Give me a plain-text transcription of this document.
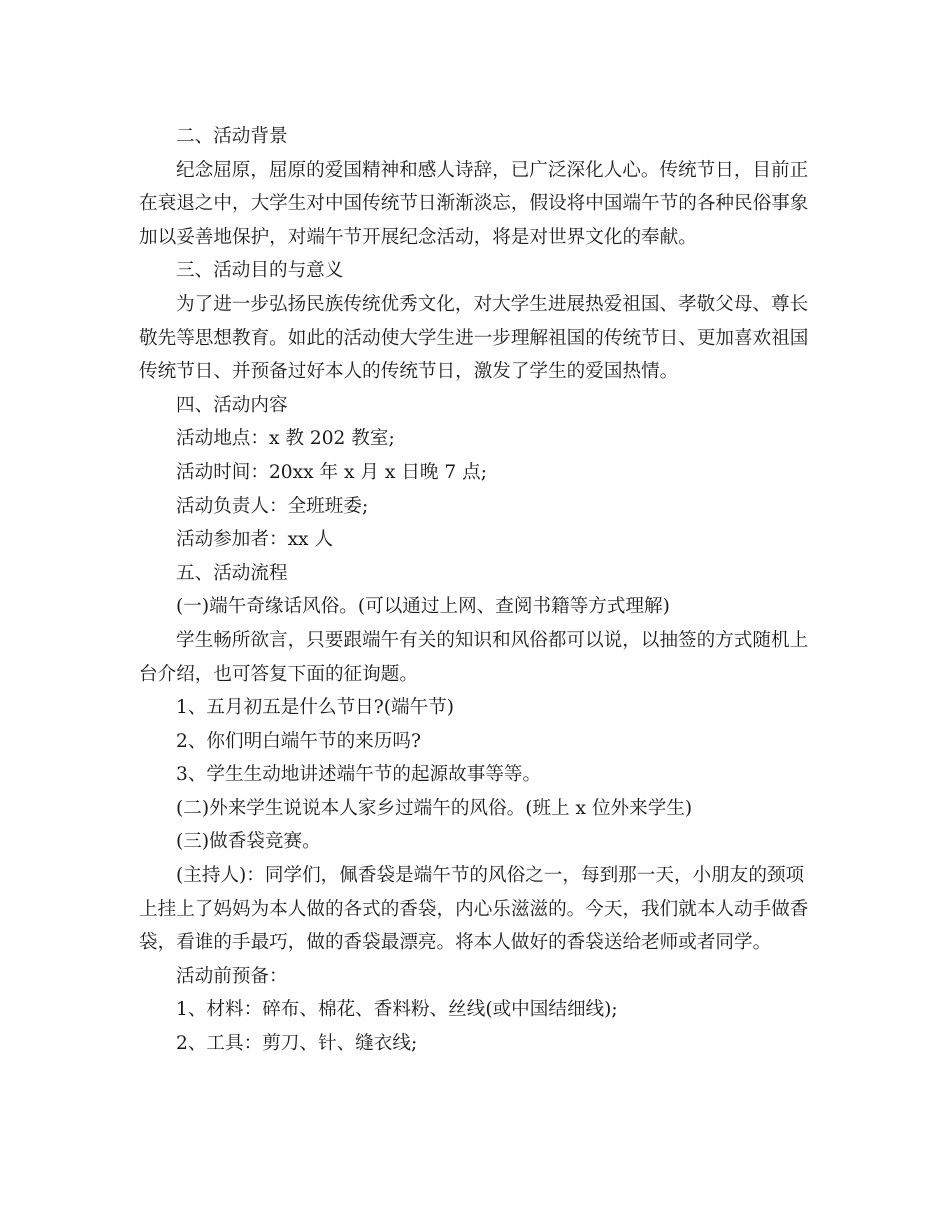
二、活动背景
纪念屈原，屈原的爱国精神和感人诗辞，已广泛深化人心。传统节日，目前正
在衰退之中，大学生对中国传统节日渐渐淡忘，假设将中国端午节的各种民俗事象
加以妥善地保护，对端午节开展纪念活动，将是对世界文化的奉献。
三、活动目的与意义
为了进一步弘扬民族传统优秀文化，对大学生进展热爱祖国、孝敬父母、尊长
敬先等思想教育。如此的活动使大学生进一步理解祖国的传统节日、更加喜欢祖国
传统节日、并预备过好本人的传统节日，激发了学生的爱国热情。
四、活动内容
活动地点：x 教 202 教室;
活动时间：20xx 年 x 月 x 日晚 7 点;
活动负责人：全班班委;
活动参加者：xx 人
五、活动流程
(一)端午奇缘话风俗。(可以通过上网、查阅书籍等方式理解)
学生畅所欲言，只要跟端午有关的知识和风俗都可以说，以抽签的方式随机上
台介绍，也可答复下面的征询题。
1、五月初五是什么节日?(端午节)
2、你们明白端午节的来历吗?
3、学生生动地讲述端午节的起源故事等等。
(二)外来学生说说本人家乡过端午的风俗。(班上 x 位外来学生)
(三)做香袋竞赛。
(主持人)：同学们，佩香袋是端午节的风俗之一，每到那一天，小朋友的颈项
上挂上了妈妈为本人做的各式的香袋，内心乐滋滋的。今天，我们就本人动手做香
袋，看谁的手最巧，做的香袋最漂亮。将本人做好的香袋送给老师或者同学。
活动前预备：
1、材料：碎布、棉花、香料粉、丝线(或中国结细线);
2、工具：剪刀、针、缝衣线;
